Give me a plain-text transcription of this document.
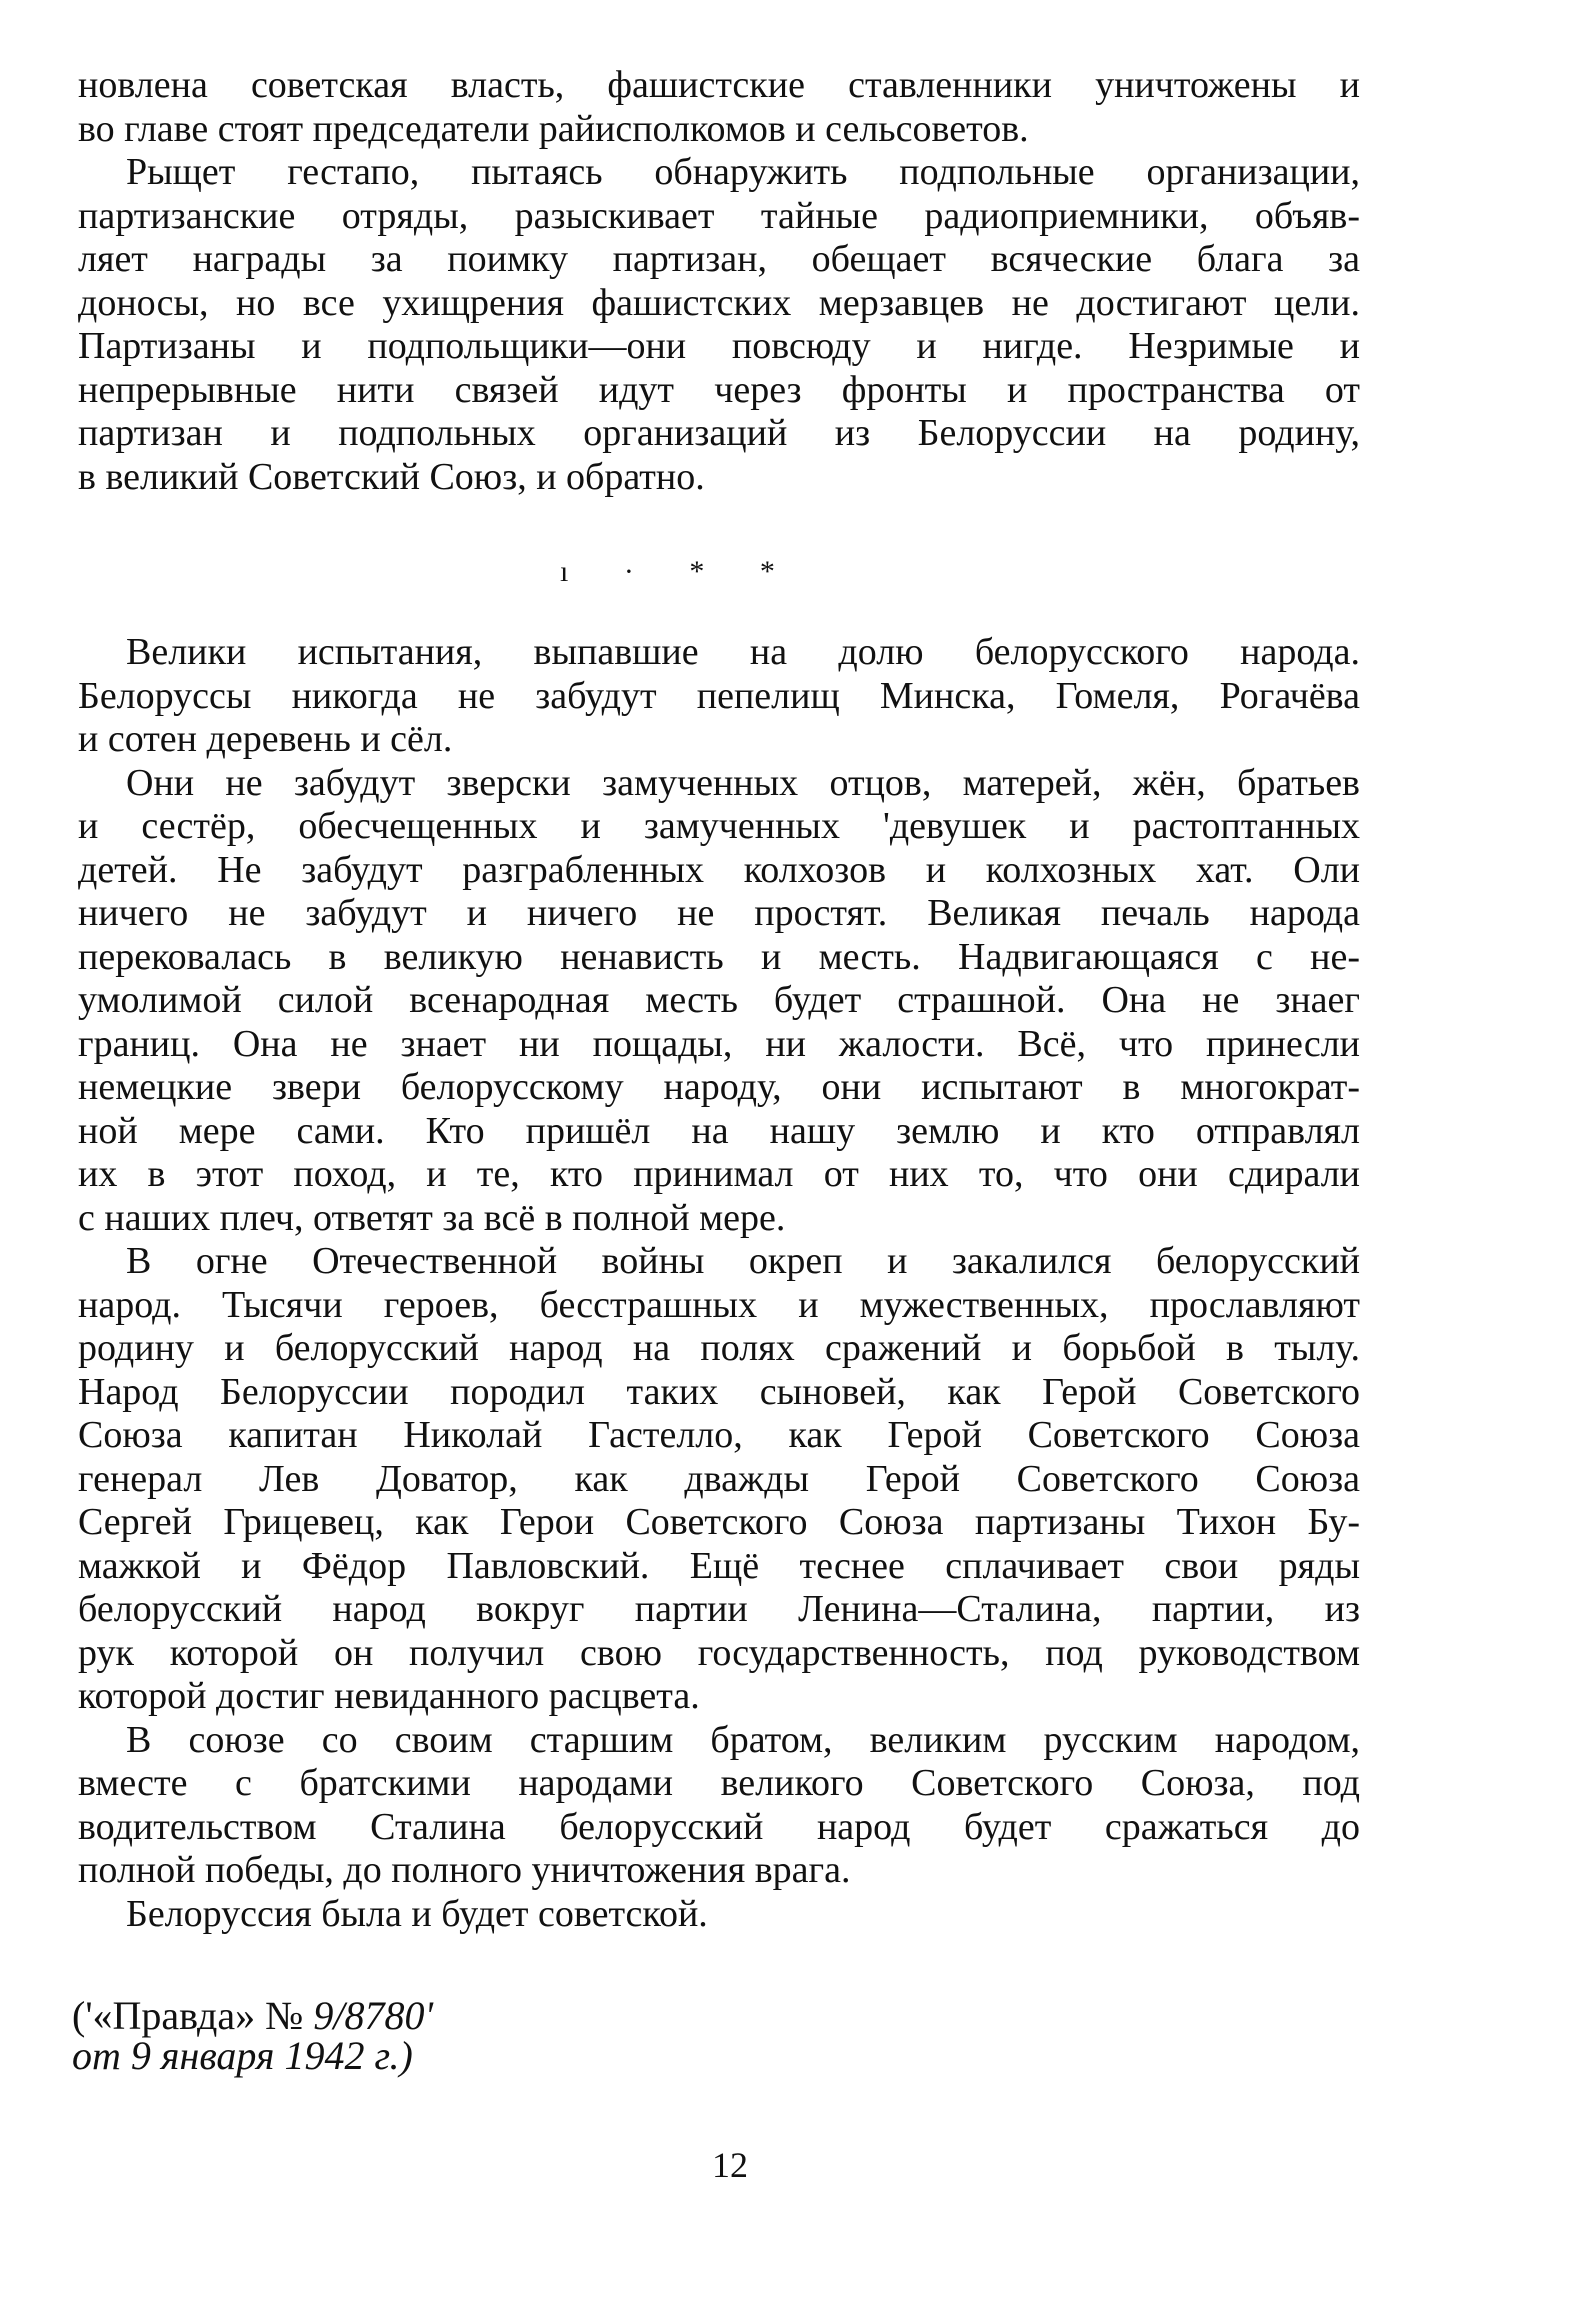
новлена советская власть, фашистские ставленники уничтожены и
во главе стоят председатели райисполкомов и сельсоветов.
Рыщет гестапо, пытаясь обнаружить подпольные организации,
партизанские отряды, разыскивает тайные радиоприемники, объяв-
ляет награды за поимку партизан, обещает всяческие блага за
доносы, но все ухищрения фашистских мерзавцев не достигают цели.
Партизаны и подпольщики—они повсюду и нигде. Незримые и
непрерывные нити связей идут через фронты и пространства от
партизан и подпольных организаций из Белоруссии на родину,
в великий Советский Союз, и обратно.
ı · * *
Велики испытания, выпавшие на долю белорусского народа.
Белоруссы никогда не забудут пепелищ Минска, Гомеля, Рогачёва
и сотен деревень и сёл.
Они не забудут зверски замученных отцов, матерей, жён, братьев
и сестёр, обесчещенных и замученных 'девушек и растоптанных
детей. Не забудут разграбленных колхозов и колхозных хат. Оли
ничего не забудут и ничего не простят. Великая печаль народа
перековалась в великую ненависть и месть. Надвигающаяся с не-
умолимой силой всенародная месть будет страшной. Она не знаег
границ. Она не знает ни пощады, ни жалости. Всё, что принесли
немецкие звери белорусскому народу, они испытают в многократ-
ной мере сами. Кто пришёл на нашу землю и кто отправлял
их в этот поход, и те, кто принимал от них то, что они сдирали
с наших плеч, ответят за всё в полной мере.
В огне Отечественной войны окреп и закалился белорусский
народ. Тысячи героев, бесстрашных и мужественных, прославляют
родину и белорусский народ на полях сражений и борьбой в тылу.
Народ Белоруссии породил таких сыновей, как Герой Советского
Союза капитан Николай Гастелло, как Герой Советского Союза
генерал Лев Доватор, как дважды Герой Советского Союза
Сергей Грицевец, как Герои Советского Союза партизаны Тихон Бу-
мажкой и Фёдор Павловский. Ещё теснее сплачивает свои ряды
белорусский народ вокруг партии Ленина—Сталина, партии, из
рук которой он получил свою государственность, под руководством
которой достиг невиданного расцвета.
В союзе со своим старшим братом, великим русским народом,
вместе с братскими народами великого Советского Союза, под
водительством Сталина белорусский народ будет сражаться до
полной победы, до полного уничтожения врага.
Белоруссия была и будет советской.
('«Правда» № 9/8780'
от 9 января 1942 г.)
12
